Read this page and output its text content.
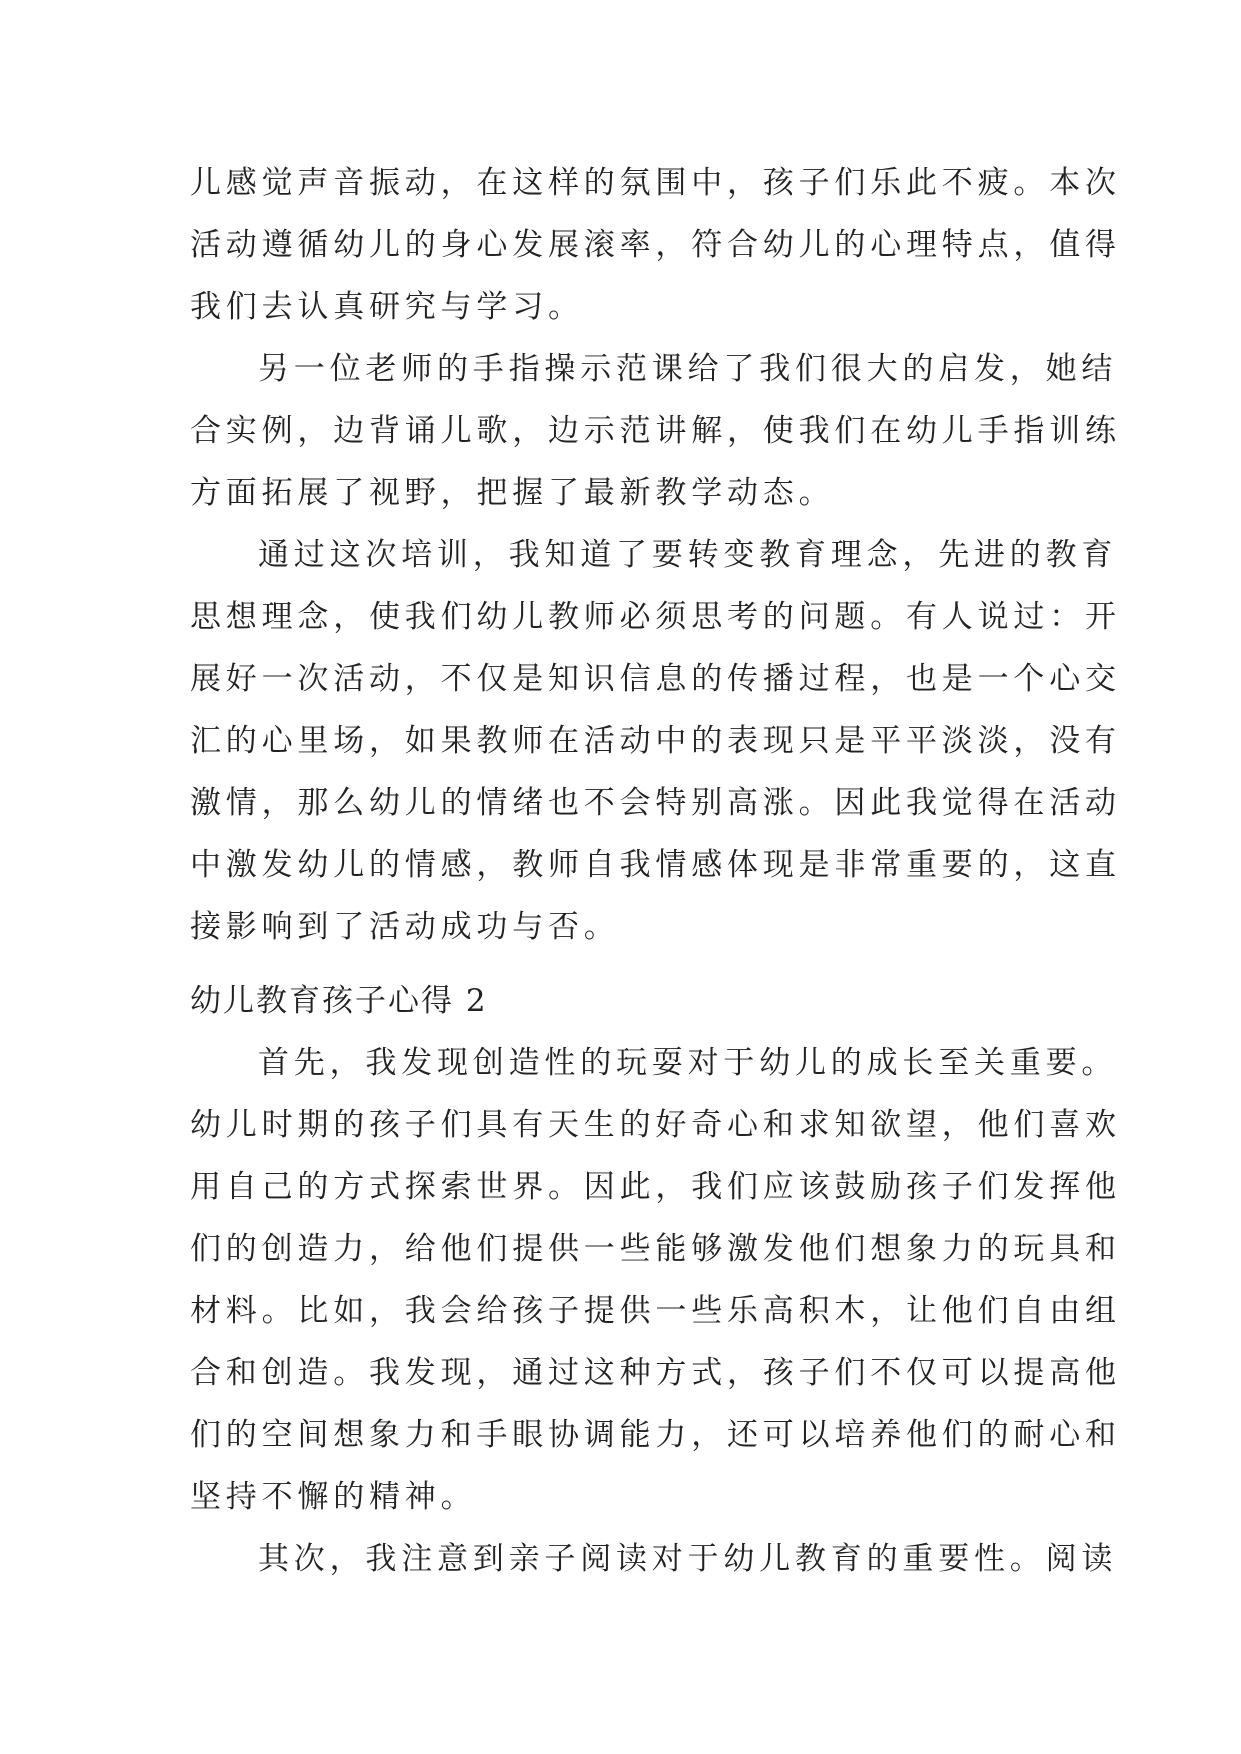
儿感觉声音振动，在这样的氛围中，孩子们乐此不疲。本次
活动遵循幼儿的身心发展滚率，符合幼儿的心理特点，值得
我们去认真研究与学习。
另一位老师的手指操示范课给了我们很大的启发，她结
合实例，边背诵儿歌，边示范讲解，使我们在幼儿手指训练
方面拓展了视野，把握了最新教学动态。
通过这次培训，我知道了要转变教育理念，先进的教育
思想理念，使我们幼儿教师必须思考的问题。有人说过：开
展好一次活动，不仅是知识信息的传播过程，也是一个心交
汇的心里场，如果教师在活动中的表现只是平平淡淡，没有
激情，那么幼儿的情绪也不会特别高涨。因此我觉得在活动
中激发幼儿的情感，教师自我情感体现是非常重要的，这直
接影响到了活动成功与否。
幼儿教育孩子心得 2
首先，我发现创造性的玩耍对于幼儿的成长至关重要。
幼儿时期的孩子们具有天生的好奇心和求知欲望，他们喜欢
用自己的方式探索世界。因此，我们应该鼓励孩子们发挥他
们的创造力，给他们提供一些能够激发他们想象力的玩具和
材料。比如，我会给孩子提供一些乐高积木，让他们自由组
合和创造。我发现，通过这种方式，孩子们不仅可以提高他
们的空间想象力和手眼协调能力，还可以培养他们的耐心和
坚持不懈的精神。
其次，我注意到亲子阅读对于幼儿教育的重要性。阅读
